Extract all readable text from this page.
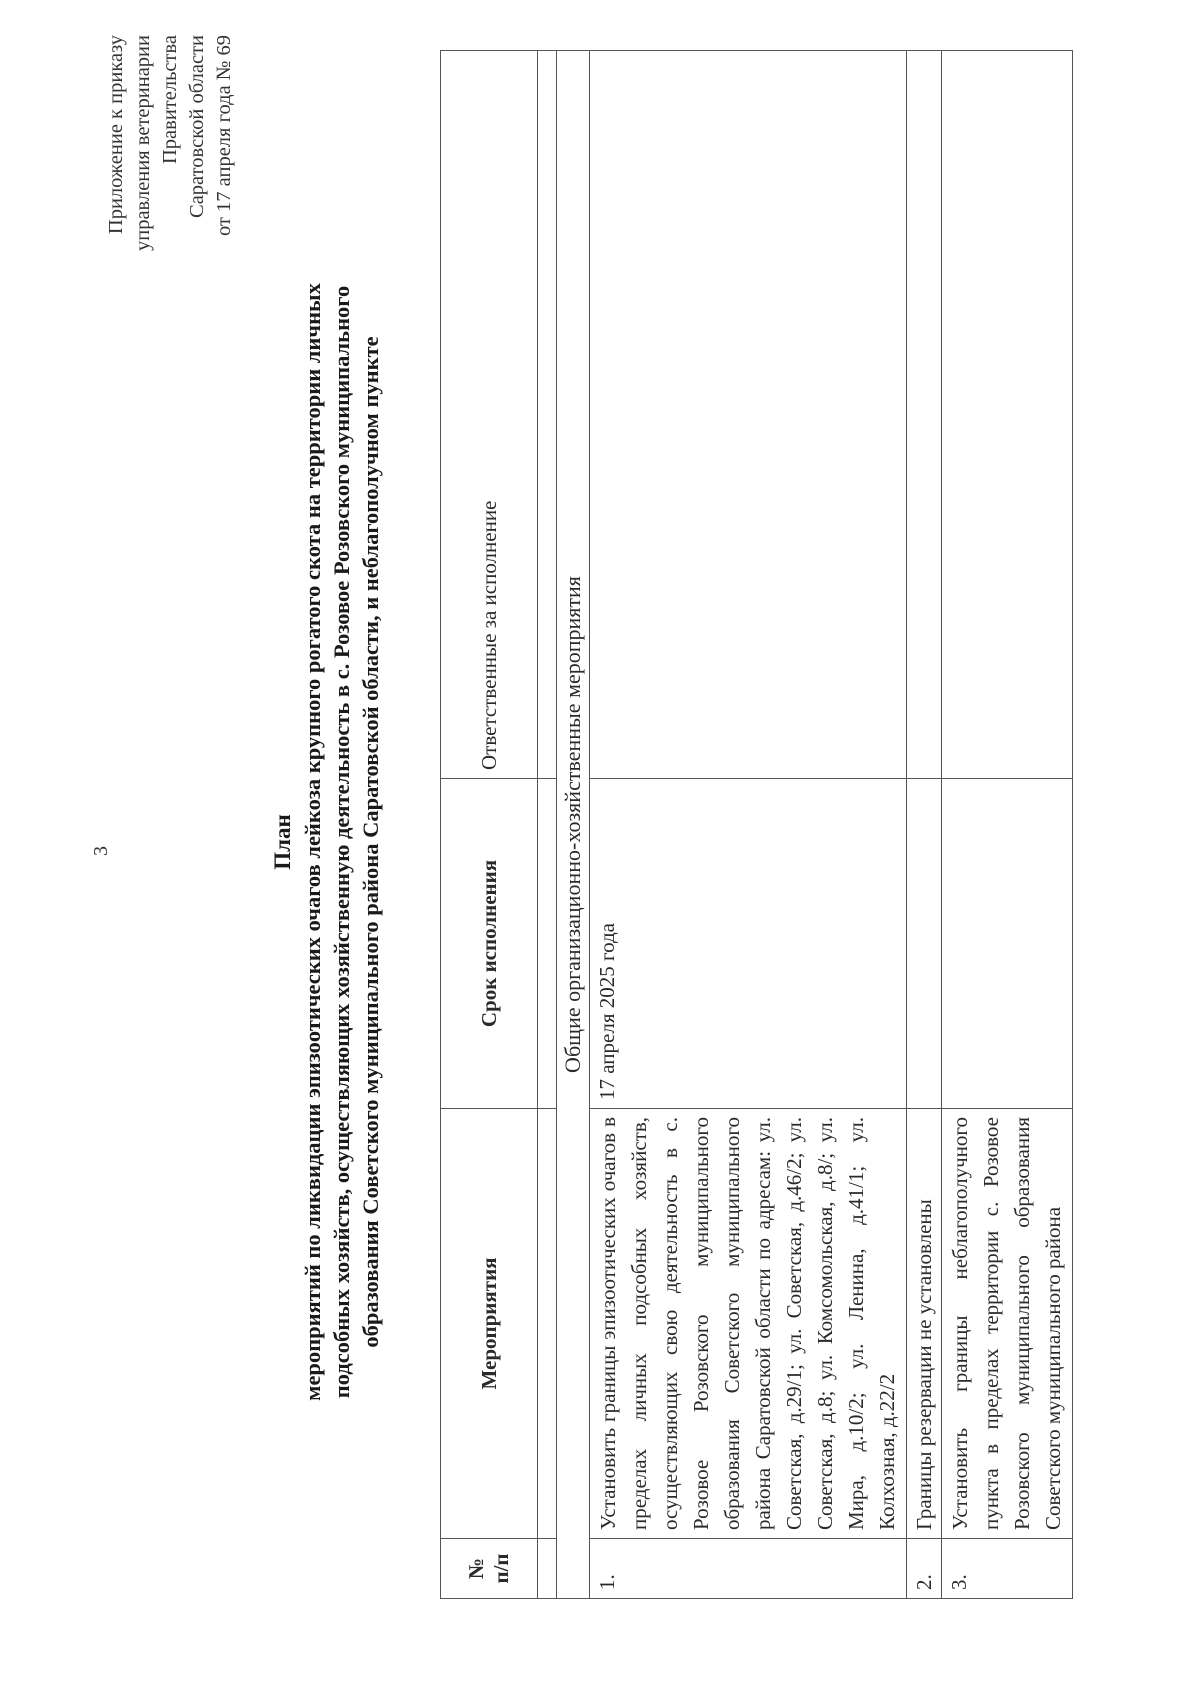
3
Приложение к приказу управления ветеринарии Правительства Саратовской области от 17 апреля года № 69
План мероприятий по ликвидации эпизоотических очагов лейкоза крупного рогатого скота на территории личных подсобных хозяйств, осуществляющих хозяйственную деятельность в с. Розовое Розовского муниципального образования Советского муниципального района Саратовской области, и неблагополучном пункте
№ п/п	Мероприятия	Срок исполнения	Ответственные за исполнение

Общие организационно-хозяйственные мероприятия			
1.	Установить границы эпизоотических очагов в пределах личных подсобных хозяйств, осуществляющих свою деятельность в с. Розовое Розовского муниципального образования Советского муниципального района Саратовской области по адресам: ул. Советская, д.29/1; ул. Советская, д.46/2; ул. Советская, д.8; ул. Комсомольская, д.8/; ул. Мира, д.10/2; ул. Ленина, д.41/1; ул. Колхозная, д.22/2	17 апреля 2025 года	
2.	Границы резервации не установлены		
3.	Установить границы неблагополучного пункта в пределах территории с. Розовое Розовского муниципального образования Советского муниципального района		
